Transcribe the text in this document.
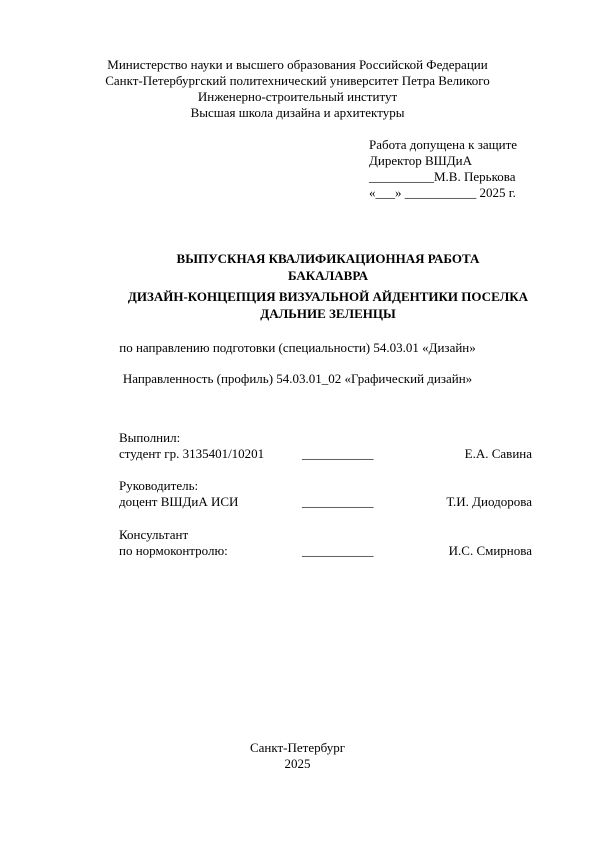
Министерство науки и высшего образования Российской Федерации
Санкт-Петербургский политехнический университет Петра Великого
Инженерно-строительный институт
Высшая школа дизайна и архитектуры
Работа допущена к защите
Директор ВШДиА
__________М.В. Перькова
«___» ___________ 2025 г.
ВЫПУСКНАЯ КВАЛИФИКАЦИОННАЯ РАБОТА БАКАЛАВРА
ДИЗАЙН-КОНЦЕПЦИЯ ВИЗУАЛЬНОЙ АЙДЕНТИКИ ПОСЕЛКА ДАЛЬНИЕ ЗЕЛЕНЦЫ
по направлению подготовки (специальности) 54.03.01 «Дизайн»
Направленность (профиль) 54.03.01_02 «Графический дизайн»
Выполнил:
студент гр. 3135401/10201	___________	Е.А. Савина
Руководитель:
доцент ВШДиА ИСИ	___________	Т.И. Диодорова
Консультант
по нормоконтролю:	___________	И.С. Смирнова
Санкт-Петербург
2025
